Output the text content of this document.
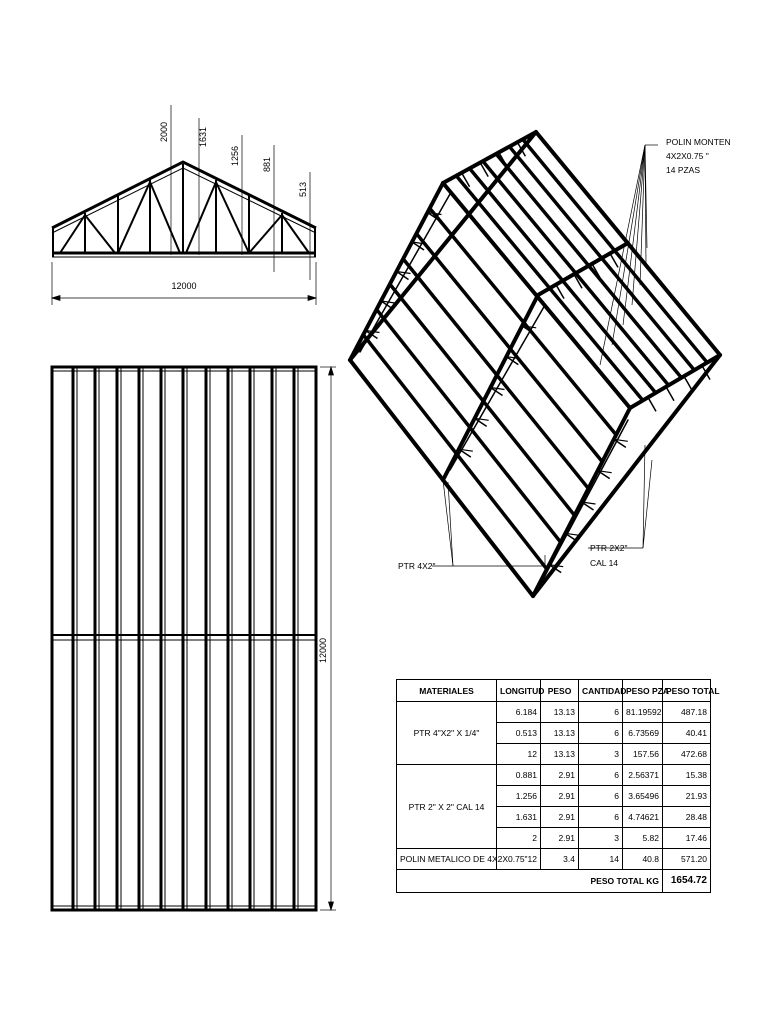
12000
2000	1631
1256 881
513
12000
POLIN MONTEN
4X2X0.75 "
14 PZAS
PTR 4X2"
PTR 2X2"
CAL 14
MATERIALES	LONGITUD	PESO	CANTIDAD	PESO PZA	PESO TOTAL
PTR 4"X2" X 1/4"	6.184	13.13	6	81.19592	487.18
	0.513	13.13	6	6.73569	40.41
	12	13.13	3	157.56	472.68
PTR 2" X 2" CAL 14	0.881	2.91	6	2.56371	15.38
	1.256	2.91	6	3.65496	21.93
	1.631	2.91	6	4.74621	28.48
	2	2.91	3	5.82	17.46
POLIN METALICO DE 4X2X0.75"	12	3.4	14	40.8	571.20
		PESO TOTAL KG			1654.72
